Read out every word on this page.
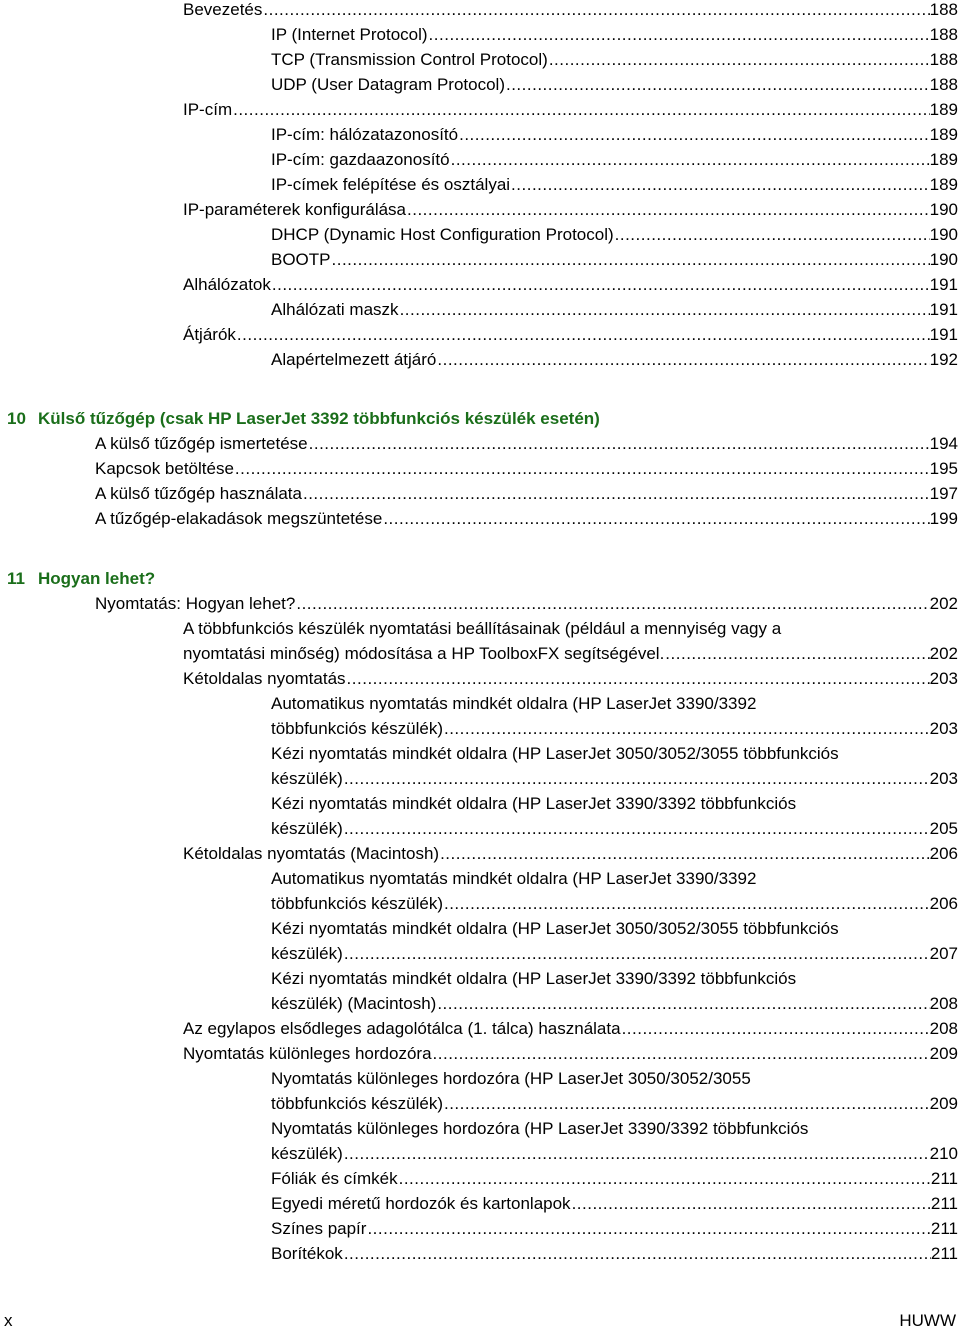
Bevezetés .....	188
IP (Internet Protocol) .....	188
TCP (Transmission Control Protocol) .....	188
UDP (User Datagram Protocol) .....	188
IP-cím .....	189
IP-cím: hálózatazonosító .....	189
IP-cím: gazdaazonosító .....	189
IP-címek felépítése és osztályai .....	189
IP-paraméterek konfigurálása .....	190
DHCP (Dynamic Host Configuration Protocol) .....	190
BOOTP .....	190
Alhálózatok .....	191
Alhálózati maszk .....	191
Átjárók .....	191
Alapértelmezett átjáró .....	192
10 Külső tűzőgép (csak HP LaserJet 3392 többfunkciós készülék esetén)
A külső tűzőgép ismertetése .....	194
Kapcsok betöltése .....	195
A külső tűzőgép használata .....	197
A tűzőgép-elakadások megszüntetése .....	199
11 Hogyan lehet?
Nyomtatás: Hogyan lehet? .....	202
A többfunkciós készülék nyomtatási beállításainak (például a mennyiség vagy a
nyomtatási minőség) módosítása a HP ToolboxFX segítségével. .....	202
Kétoldalas nyomtatás .....	203
Automatikus nyomtatás mindkét oldalra (HP LaserJet 3390/3392
többfunkciós készülék) .....	203
Kézi nyomtatás mindkét oldalra (HP LaserJet 3050/3052/3055 többfunkciós
készülék) .....	203
Kézi nyomtatás mindkét oldalra (HP LaserJet 3390/3392 többfunkciós
készülék) .....	205
Kétoldalas nyomtatás (Macintosh) .....	206
Automatikus nyomtatás mindkét oldalra (HP LaserJet 3390/3392
többfunkciós készülék) .....	206
Kézi nyomtatás mindkét oldalra (HP LaserJet 3050/3052/3055 többfunkciós
készülék) .....	207
Kézi nyomtatás mindkét oldalra (HP LaserJet 3390/3392 többfunkciós
készülék) (Macintosh) .....	208
Az egylapos elsődleges adagolótálca (1. tálca) használata .....	208
Nyomtatás különleges hordozóra .....	209
Nyomtatás különleges hordozóra (HP LaserJet 3050/3052/3055
többfunkciós készülék) .....	209
Nyomtatás különleges hordozóra (HP LaserJet 3390/3392 többfunkciós
készülék) .....	210
Fóliák és címkék .....	211
Egyedi méretű hordozók és kartonlapok .....	211
Színes papír .....	211
Borítékok .....	211
x	HUWW
